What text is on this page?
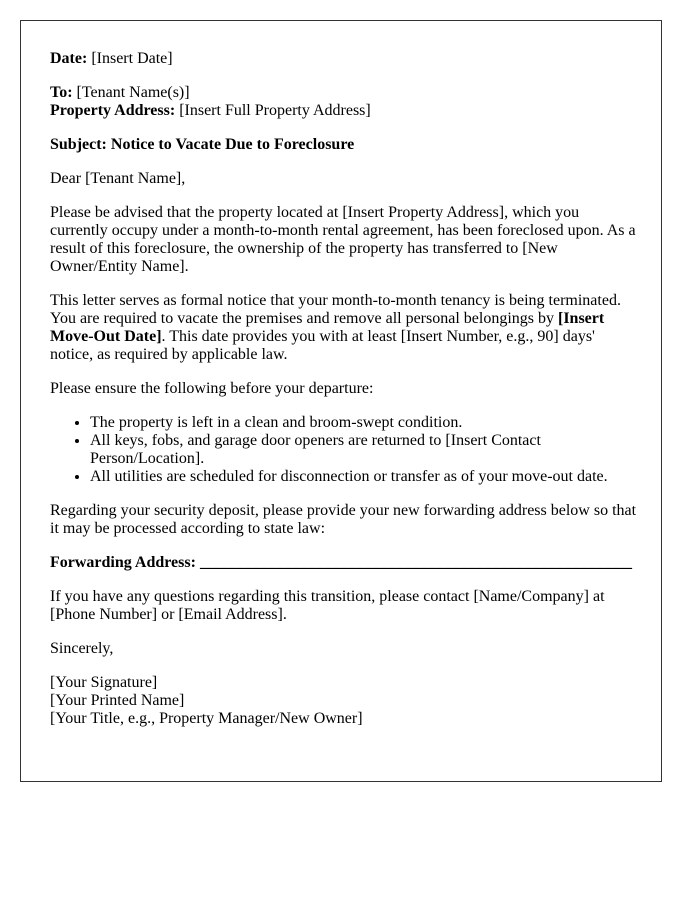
Date: [Insert Date]

To: [Tenant Name(s)]
Property Address: [Insert Full Property Address]

Subject: Notice to Vacate Due to Foreclosure

Dear [Tenant Name],

Please be advised that the property located at [Insert Property Address], which you currently occupy under a month-to-month rental agreement, has been foreclosed upon. As a result of this foreclosure, the ownership of the property has transferred to [New Owner/Entity Name].

This letter serves as formal notice that your month-to-month tenancy is being terminated. You are required to vacate the premises and remove all personal belongings by [Insert Move-Out Date]. This date provides you with at least [Insert Number, e.g., 90] days' notice, as required by applicable law.

Please ensure the following before your departure:

• The property is left in a clean and broom-swept condition.
• All keys, fobs, and garage door openers are returned to [Insert Contact Person/Location].
• All utilities are scheduled for disconnection or transfer as of your move-out date.

Regarding your security deposit, please provide your new forwarding address below so that it may be processed according to state law:

Forwarding Address: ______________________________________________________

If you have any questions regarding this transition, please contact [Name/Company] at [Phone Number] or [Email Address].

Sincerely,

[Your Signature]
[Your Printed Name]
[Your Title, e.g., Property Manager/New Owner]
